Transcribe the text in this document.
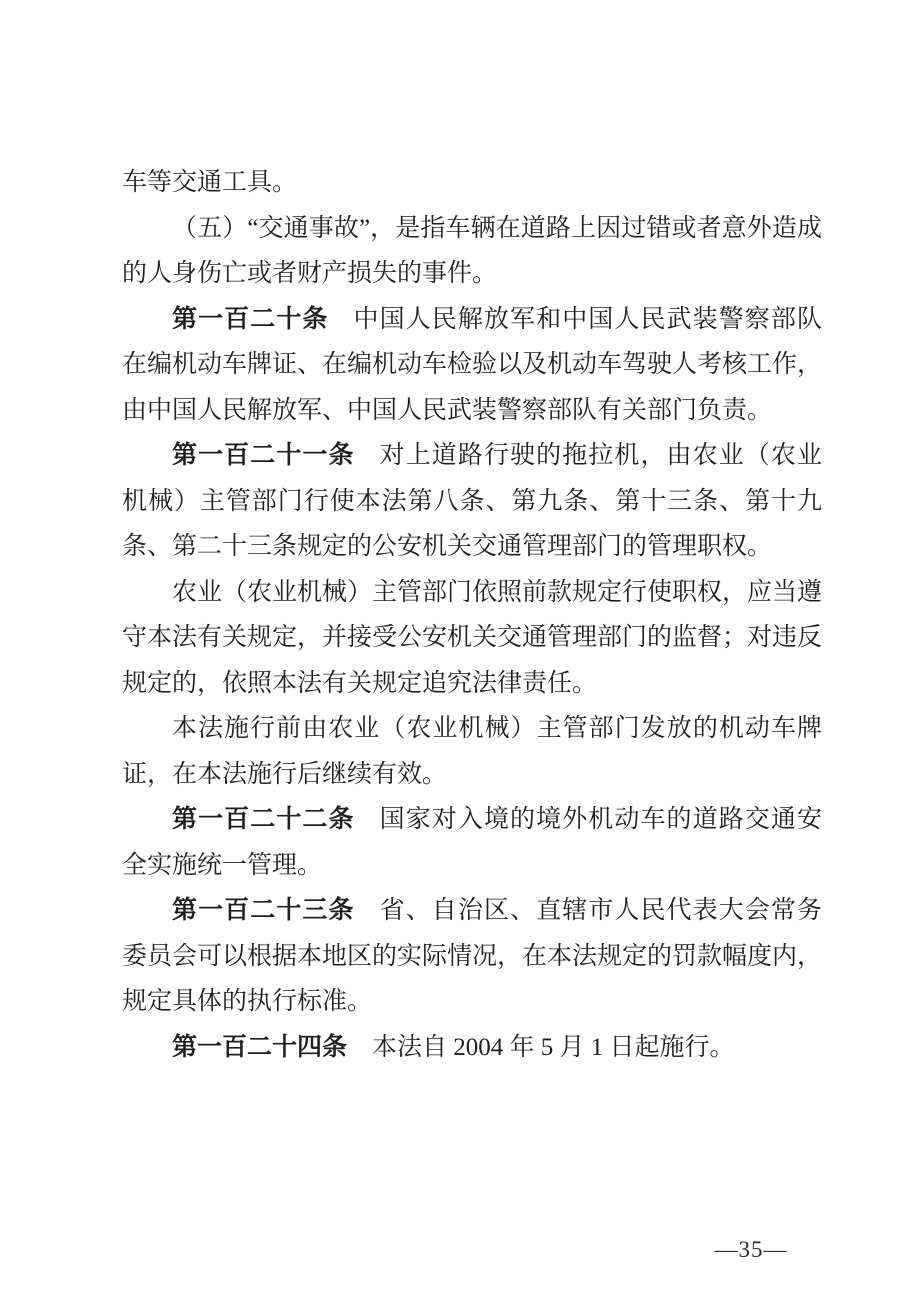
车等交通工具。

（五）“交通事故”，是指车辆在道路上因过错或者意外造成的人身伤亡或者财产损失的事件。

第一百二十条 中国人民解放军和中国人民武装警察部队在编机动车牌证、在编机动车检验以及机动车驾驶人考核工作，由中国人民解放军、中国人民武装警察部队有关部门负责。

第一百二十一条 对上道路行驶的拖拉机，由农业（农业机械）主管部门行使本法第八条、第九条、第十三条、第十九条、第二十三条规定的公安机关交通管理部门的管理职权。

农业（农业机械）主管部门依照前款规定行使职权，应当遵守本法有关规定，并接受公安机关交通管理部门的监督；对违反规定的，依照本法有关规定追究法律责任。

本法施行前由农业（农业机械）主管部门发放的机动车牌证，在本法施行后继续有效。

第一百二十二条 国家对入境的境外机动车的道路交通安全实施统一管理。

第一百二十三条 省、自治区、直辖市人民代表大会常务委员会可以根据本地区的实际情况，在本法规定的罚款幅度内，规定具体的执行标准。

第一百二十四条 本法自 2004 年 5 月 1 日起施行。

—35—
